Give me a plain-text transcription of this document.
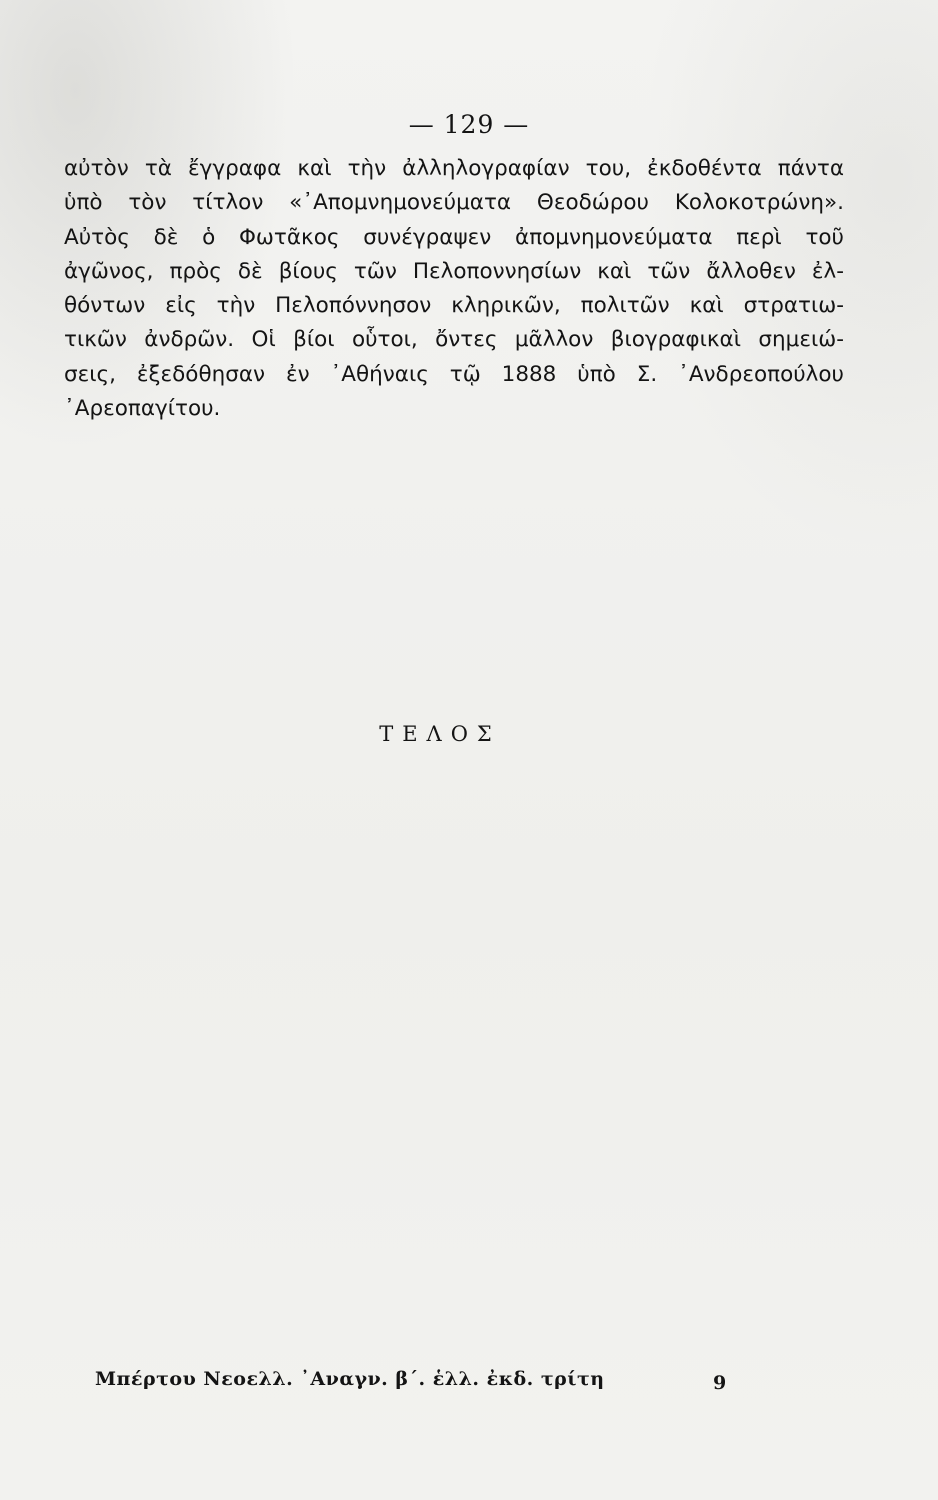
— 129 —
αὐτὸν τὰ ἔγγραφα καὶ τὴν ἀλληλογραφίαν του, ἐκδοθέντα πάντα
ὑπὸ τὸν τίτλον «᾿Απομνημονεύματα Θεοδώρου Κολοκοτρώνη».
Αὐτὸς δὲ ὁ Φωτᾶκος συνέγραψεν ἀπομνημονεύματα περὶ τοῦ
ἀγῶνος, πρὸς δὲ βίους τῶν Πελοποννησίων καὶ τῶν ἄλλοθεν ἐλ-
θόντων εἰς τὴν Πελοπόννησον κληρικῶν, πολιτῶν καὶ στρατιω-
τικῶν ἀνδρῶν. Οἱ βίοι οὗτοι, ὄντες μᾶλλον βιογραφικαὶ σημειώ-
σεις, ἐξεδόθησαν ἐν ᾿Αθήναις τῷ 1888 ὑπὸ Σ. ᾿Ανδρεοπούλου
᾿Αρεοπαγίτου.
ΤΕΛΟΣ
Μπέρτου Νεοελλ. ᾿Αναγν. β΄. ἑλλ. ἐκδ. τρίτη	9
